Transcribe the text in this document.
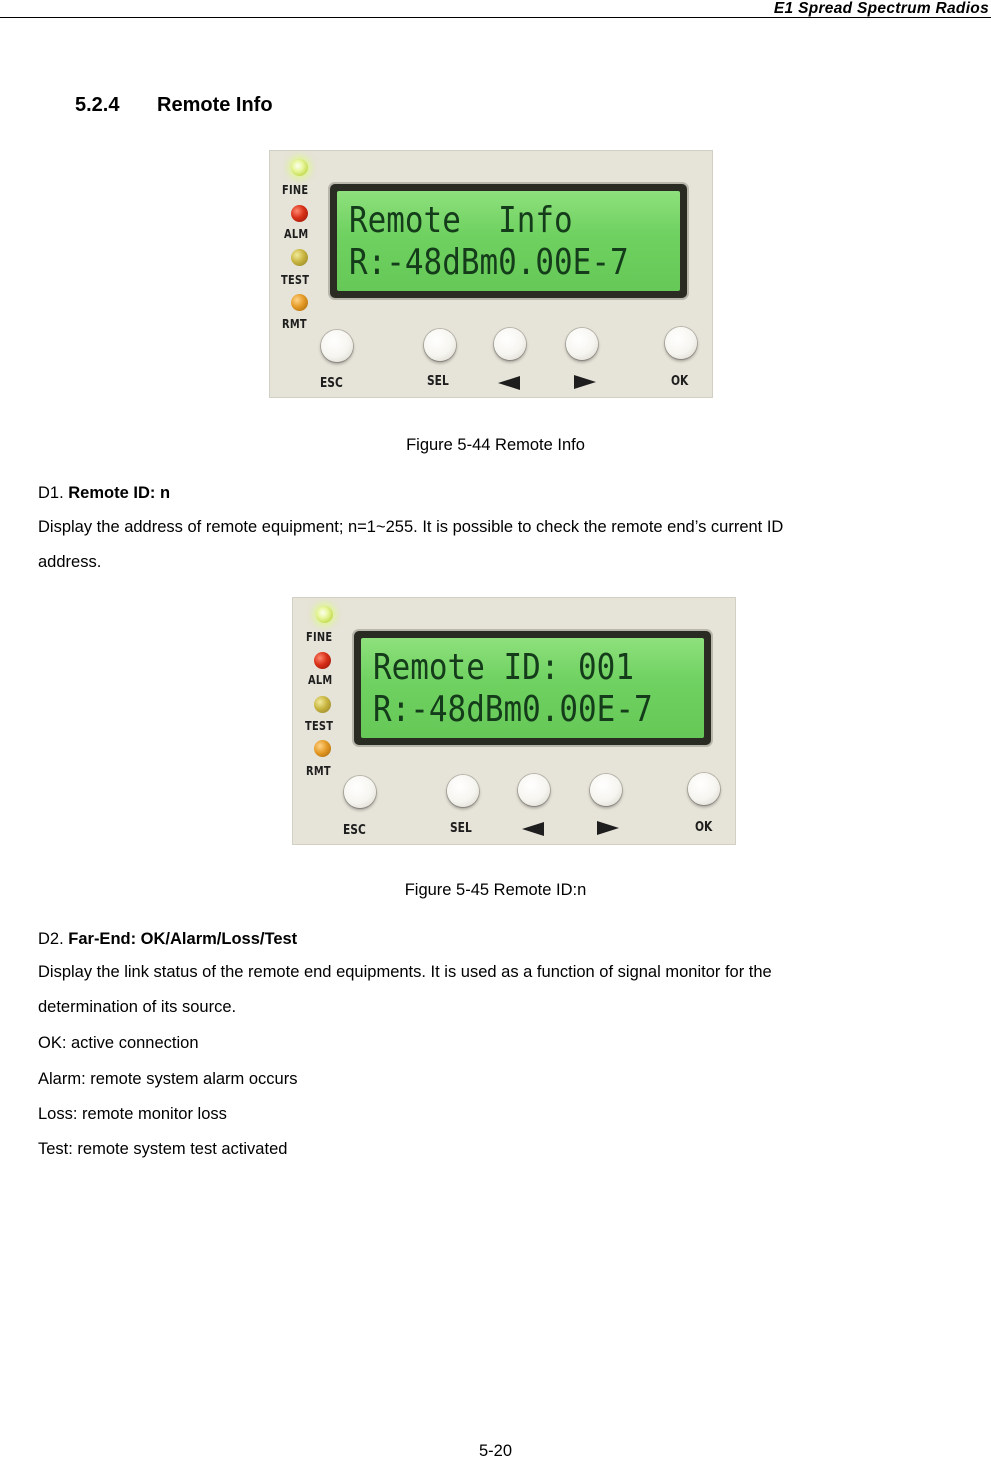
E1 Spread Spectrum Radios
5.2.4 Remote Info
FINE
ALM
TEST
RMT
Remote  Info
R:-48dBm0.00E-7
ESC	SEL	OK
Figure 5-44 Remote Info
D1. Remote ID: n
Display the address of remote equipment; n=1~255. It is possible to check the remote end’s current ID
address.
FINE
ALM
TEST
RMT
Remote ID: 001
R:-48dBm0.00E-7
ESC	SEL	OK
Figure 5-45 Remote ID:n
D2. Far-End: OK/Alarm/Loss/Test
Display the link status of the remote end equipments. It is used as a function of signal monitor for the
determination of its source.
OK: active connection
Alarm: remote system alarm occurs
Loss: remote monitor loss
Test: remote system test activated
5-20
